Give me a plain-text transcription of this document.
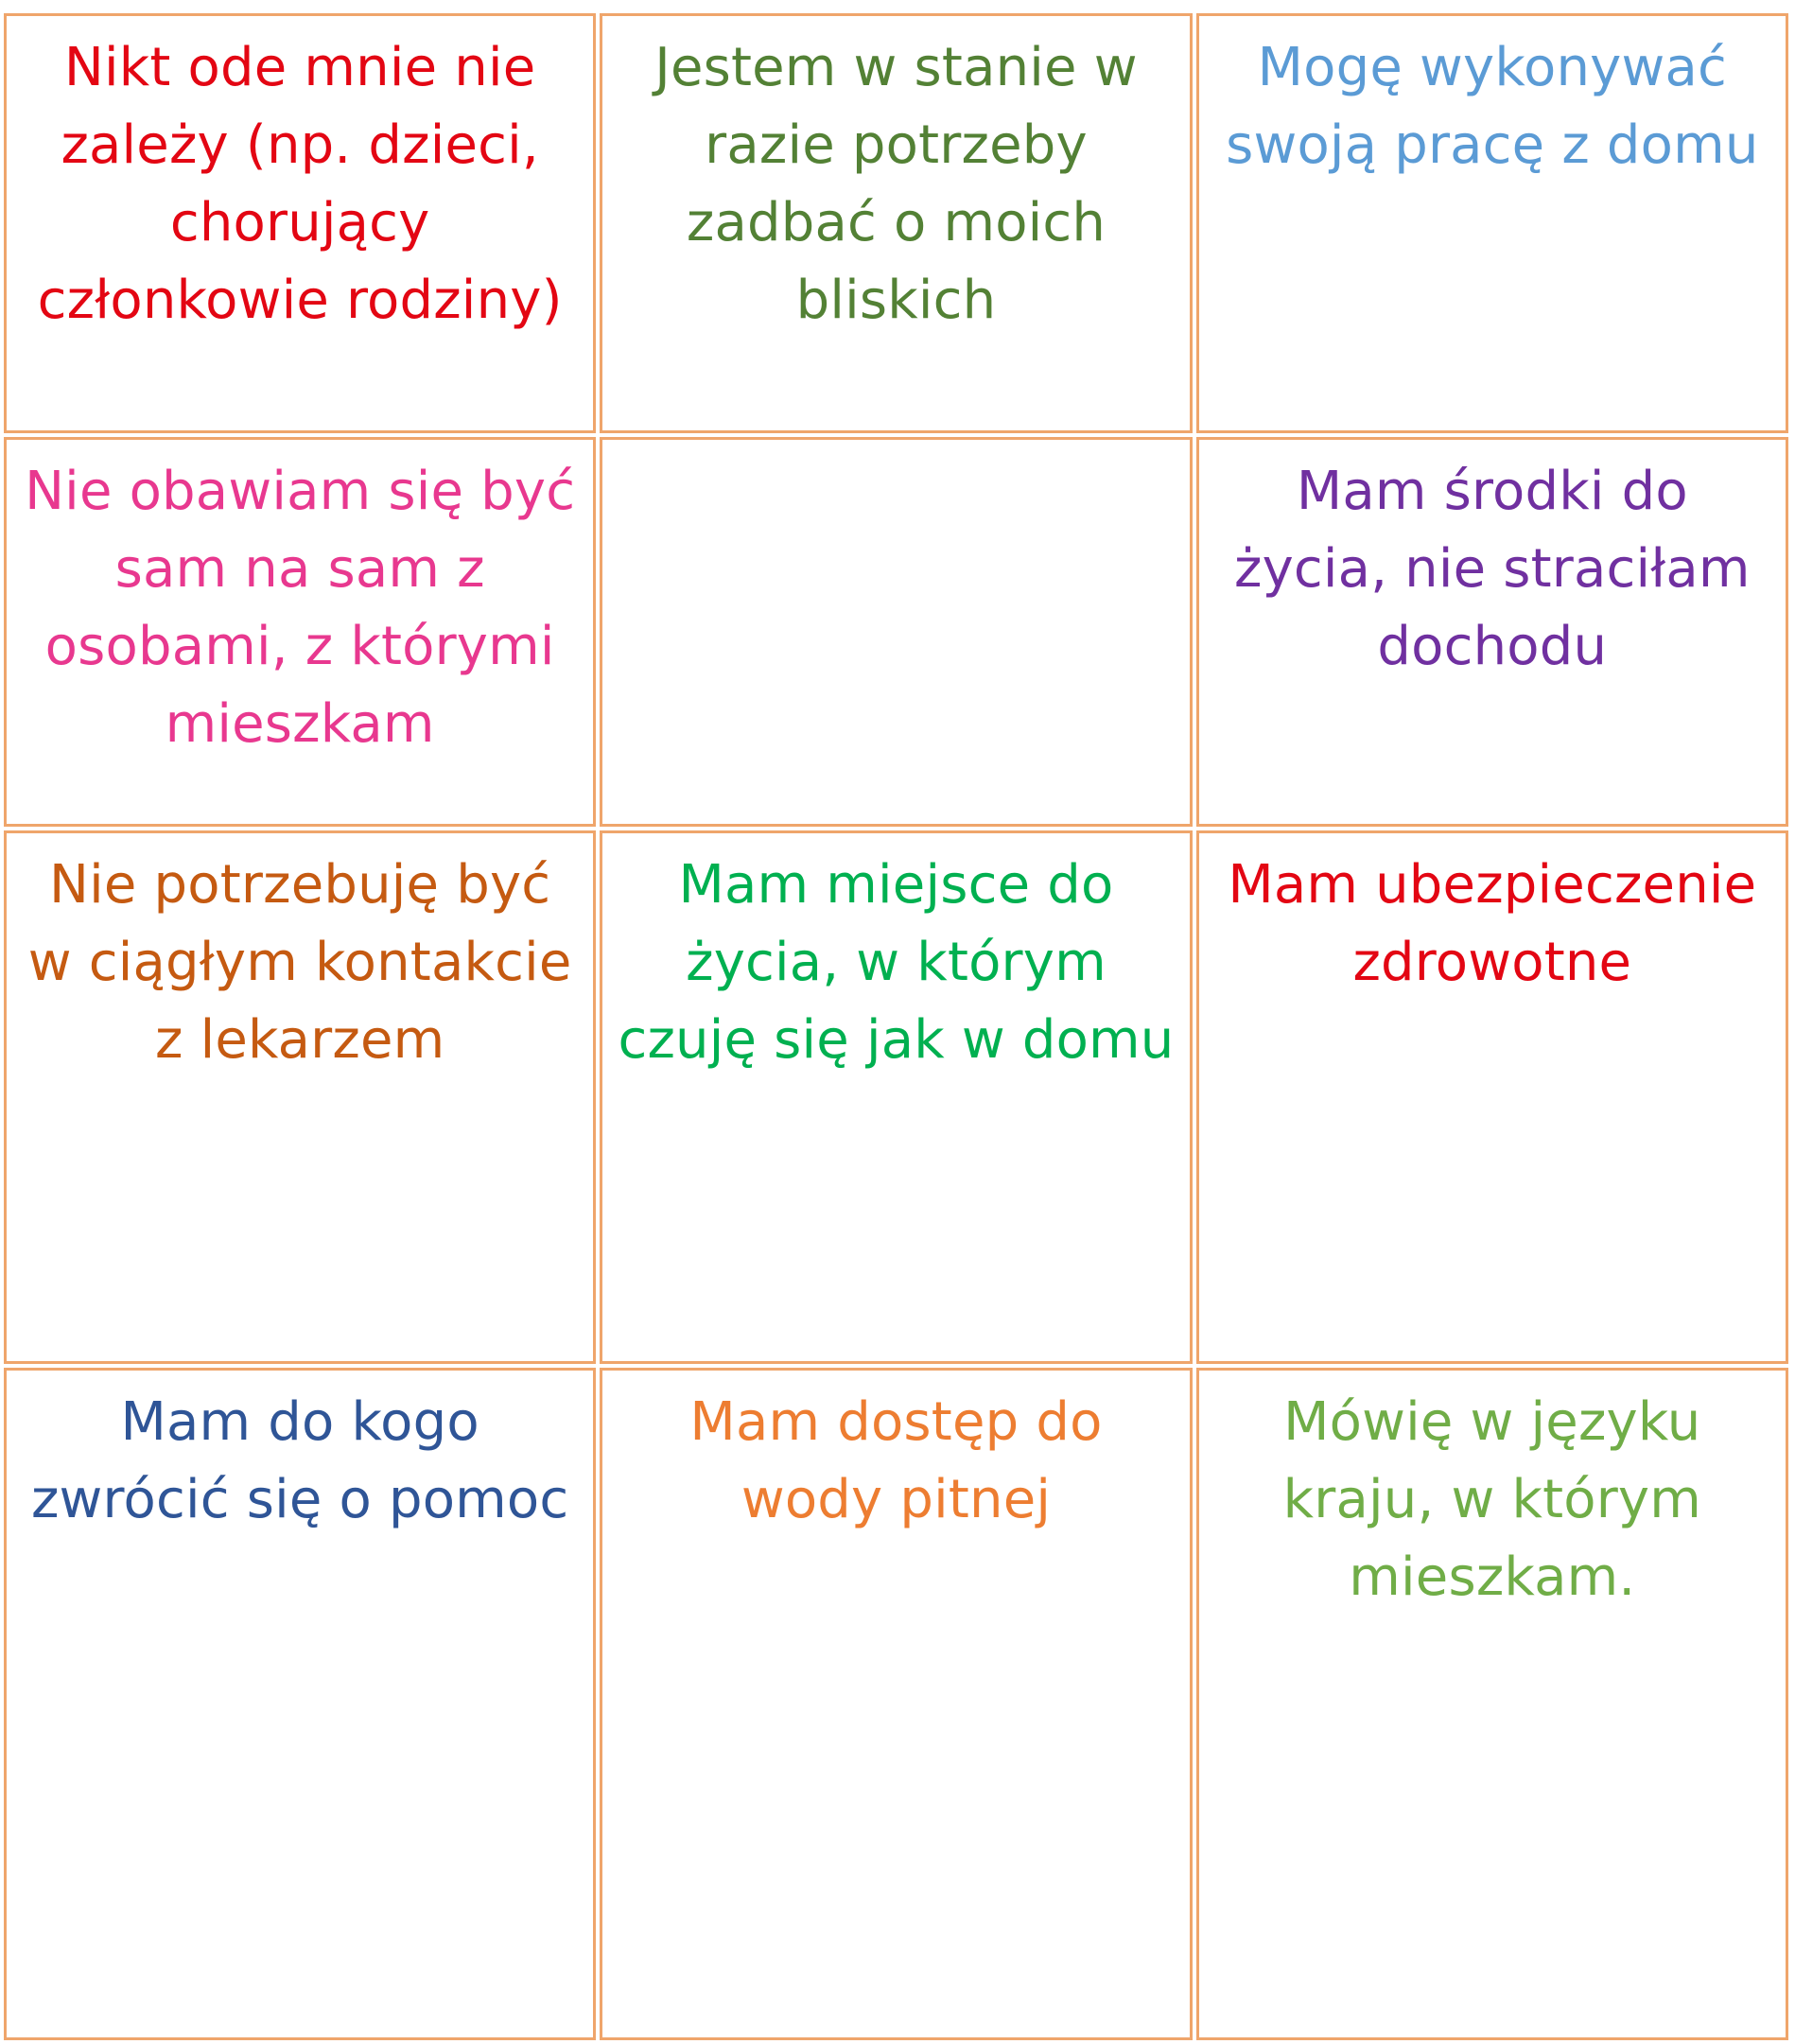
Nikt ode mnie nie zależy (np. dzieci, chorujący członkowie rodziny)	Jestem w stanie w razie potrzeby zadbać o moich bliskich	Mogę wykonywać swoją pracę z domu
Nie obawiam się być sam na sam z osobami, z którymi mieszkam		Mam środki do życia, nie straciłam dochodu
Nie potrzebuję być w ciągłym kontakcie z lekarzem	Mam miejsce do życia, w którym czuję się jak w domu	Mam ubezpieczenie zdrowotne
Mam do kogo zwrócić się o pomoc	Mam dostęp do wody pitnej	Mówię w języku kraju, w którym mieszkam.
